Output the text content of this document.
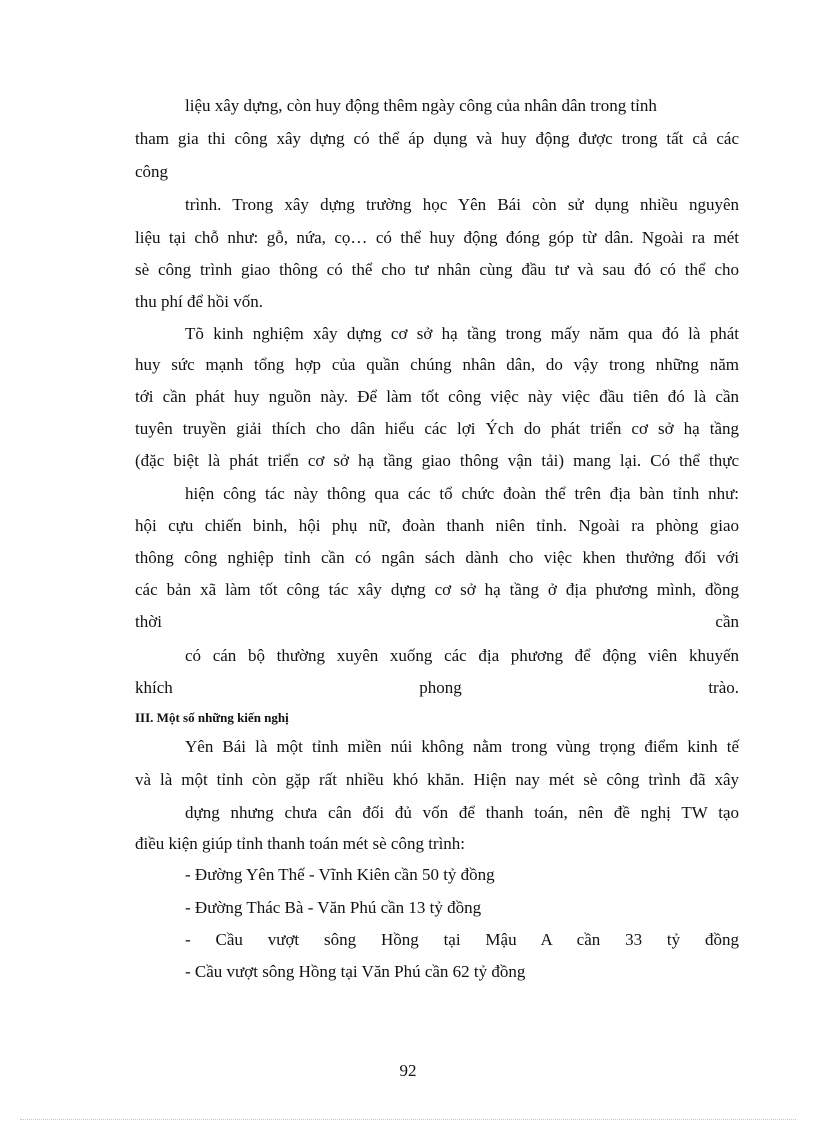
liệu xây dựng, còn huy động thêm ngày công của nhân dân trong tỉnh
tham gia thi công xây dựng có thể áp dụng và huy động được trong tất cả các
công
trình. Trong xây dựng trường học Yên Bái còn sử dụng nhiều nguyên
liệu tại chỗ như: gỗ, nứa, cọ… có thể huy động đóng góp từ dân. Ngoài ra mét
sè công trình giao thông có thể cho tư nhân cùng đầu tư và sau đó có thể cho
thu phí để hồi vốn.
Tõ kinh nghiệm xây dựng cơ sở hạ tầng trong mấy năm qua đó là phát
huy sức mạnh tổng hợp của quần chúng nhân dân, do vậy trong những năm
tới cần phát huy nguồn này. Để làm tốt công việc này việc đầu tiên đó là cần
tuyên truyền giải thích cho dân hiểu các lợi Ých do phát triển cơ sở hạ tầng
(đặc biệt là phát triển cơ sở hạ tầng giao thông vận tải) mang lại. Có thể thực
hiện công tác này thông qua các tổ chức đoàn thể trên địa bàn tỉnh như:
hội cựu chiến binh, hội phụ nữ, đoàn thanh niên tỉnh. Ngoài ra phòng giao
thông công nghiệp tỉnh cần có ngân sách dành cho việc khen thưởng đối với
các bản xã làm tốt công tác xây dựng cơ sở hạ tầng ở địa phương mình, đồng
thời cần
có cán bộ thường xuyên xuống các địa phương để động viên khuyến
khích phong trào.
III. Một số những kiến nghị
Yên Bái là một tỉnh miền núi không nằm trong vùng trọng điểm kinh tế
và là một tỉnh còn gặp rất nhiều khó khăn. Hiện nay mét sè công trình đã xây
dựng nhưng chưa cân đối đủ vốn để thanh toán, nên đề nghị TW tạo
điều kiện giúp tỉnh thanh toán mét sè công trình:
- Đường Yên Thế - Vĩnh Kiên cần 50 tỷ đồng
- Đường Thác Bà - Văn Phú cần 13 tỷ đồng
- Cầu vượt sông Hồng tại Mậu A cần 33 tỷ đồng
- Cầu vượt sông Hồng tại Văn Phú cần 62 tỷ đồng
92
